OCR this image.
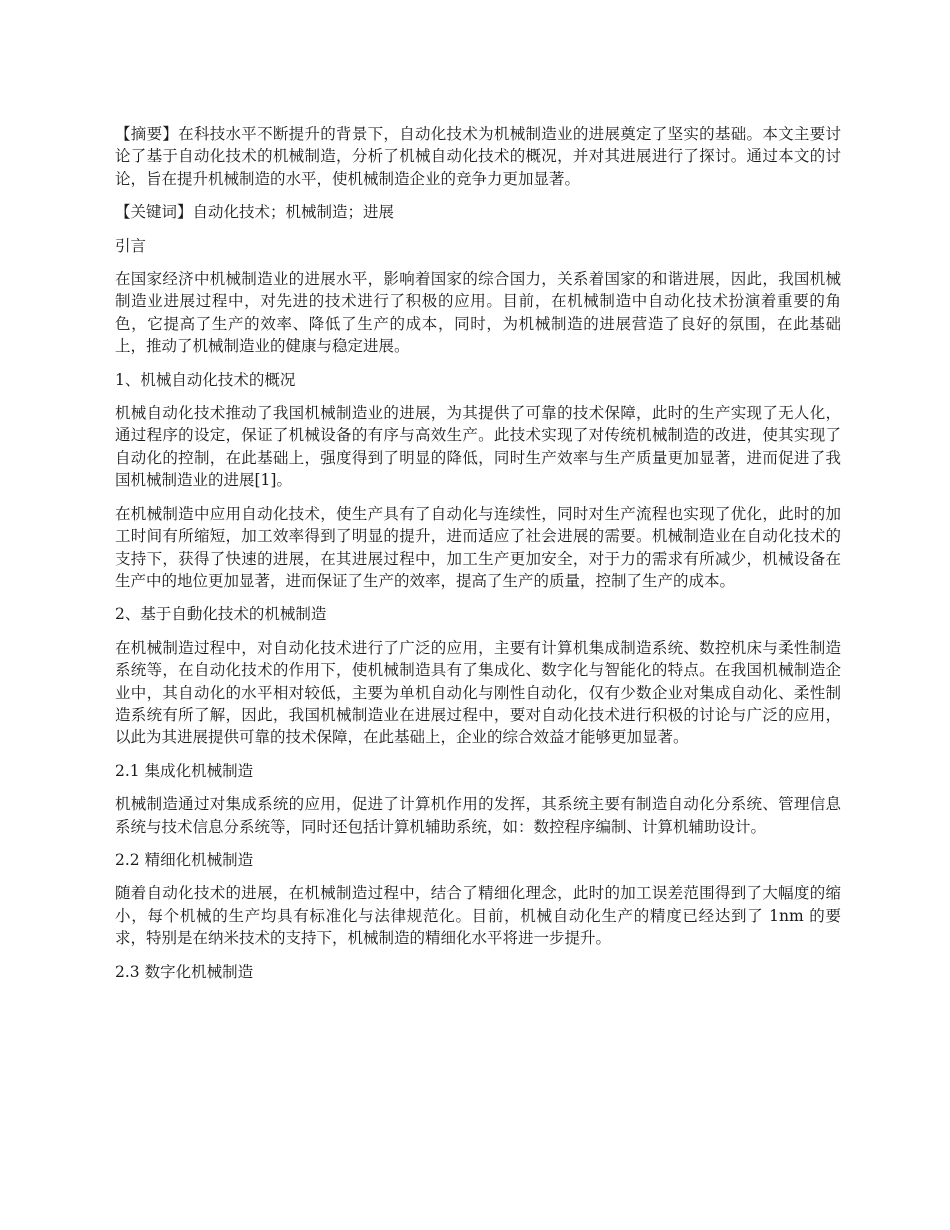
【摘要】在科技水平不断提升的背景下，自动化技术为机械制造业的进展奠定了坚实的基础。本文主要讨论了基于自动化技术的机械制造，分析了机械自动化技术的概况，并对其进展进行了探讨。通过本文的讨论，旨在提升机械制造的水平，使机械制造企业的竞争力更加显著。

【关键词】自动化技术；机械制造；进展

引言

在国家经济中机械制造业的进展水平，影响着国家的综合国力，关系着国家的和谐进展，因此，我国机械制造业进展过程中，对先进的技术进行了积极的应用。目前，在机械制造中自动化技术扮演着重要的角色，它提高了生产的效率、降低了生产的成本，同时，为机械制造的进展营造了良好的氛围，在此基础上，推动了机械制造业的健康与稳定进展。

1、机械自动化技术的概况

机械自动化技术推动了我国机械制造业的进展，为其提供了可靠的技术保障，此时的生产实现了无人化，通过程序的设定，保证了机械设备的有序与高效生产。此技术实现了对传统机械制造的改进，使其实现了自动化的控制，在此基础上，强度得到了明显的降低，同时生产效率与生产质量更加显著，进而促进了我国机械制造业的进展[1]。

在机械制造中应用自动化技术，使生产具有了自动化与连续性，同时对生产流程也实现了优化，此时的加工时间有所缩短，加工效率得到了明显的提升，进而适应了社会进展的需要。机械制造业在自动化技术的支持下，获得了快速的进展，在其进展过程中，加工生产更加安全，对于力的需求有所减少，机械设备在生产中的地位更加显著，进而保证了生产的效率，提高了生产的质量，控制了生产的成本。

2、基于自動化技术的机械制造

在机械制造过程中，对自动化技术进行了广泛的应用，主要有计算机集成制造系统、数控机床与柔性制造系统等，在自动化技术的作用下，使机械制造具有了集成化、数字化与智能化的特点。在我国机械制造企业中，其自动化的水平相对较低，主要为单机自动化与刚性自动化，仅有少数企业对集成自动化、柔性制造系统有所了解，因此，我国机械制造业在进展过程中，要对自动化技术进行积极的讨论与广泛的应用，以此为其进展提供可靠的技术保障，在此基础上，企业的综合效益才能够更加显著。

2.1 集成化机械制造

机械制造通过对集成系统的应用，促进了计算机作用的发挥，其系统主要有制造自动化分系统、管理信息系统与技术信息分系统等，同时还包括计算机辅助系统，如：数控程序编制、计算机辅助设计。

2.2 精细化机械制造

随着自动化技术的进展，在机械制造过程中，结合了精细化理念，此时的加工误差范围得到了大幅度的缩小，每个机械的生产均具有标准化与法律规范化。目前，机械自动化生产的精度已经达到了 1nm 的要求，特别是在纳米技术的支持下，机械制造的精细化水平将进一步提升。

2.3 数字化机械制造
